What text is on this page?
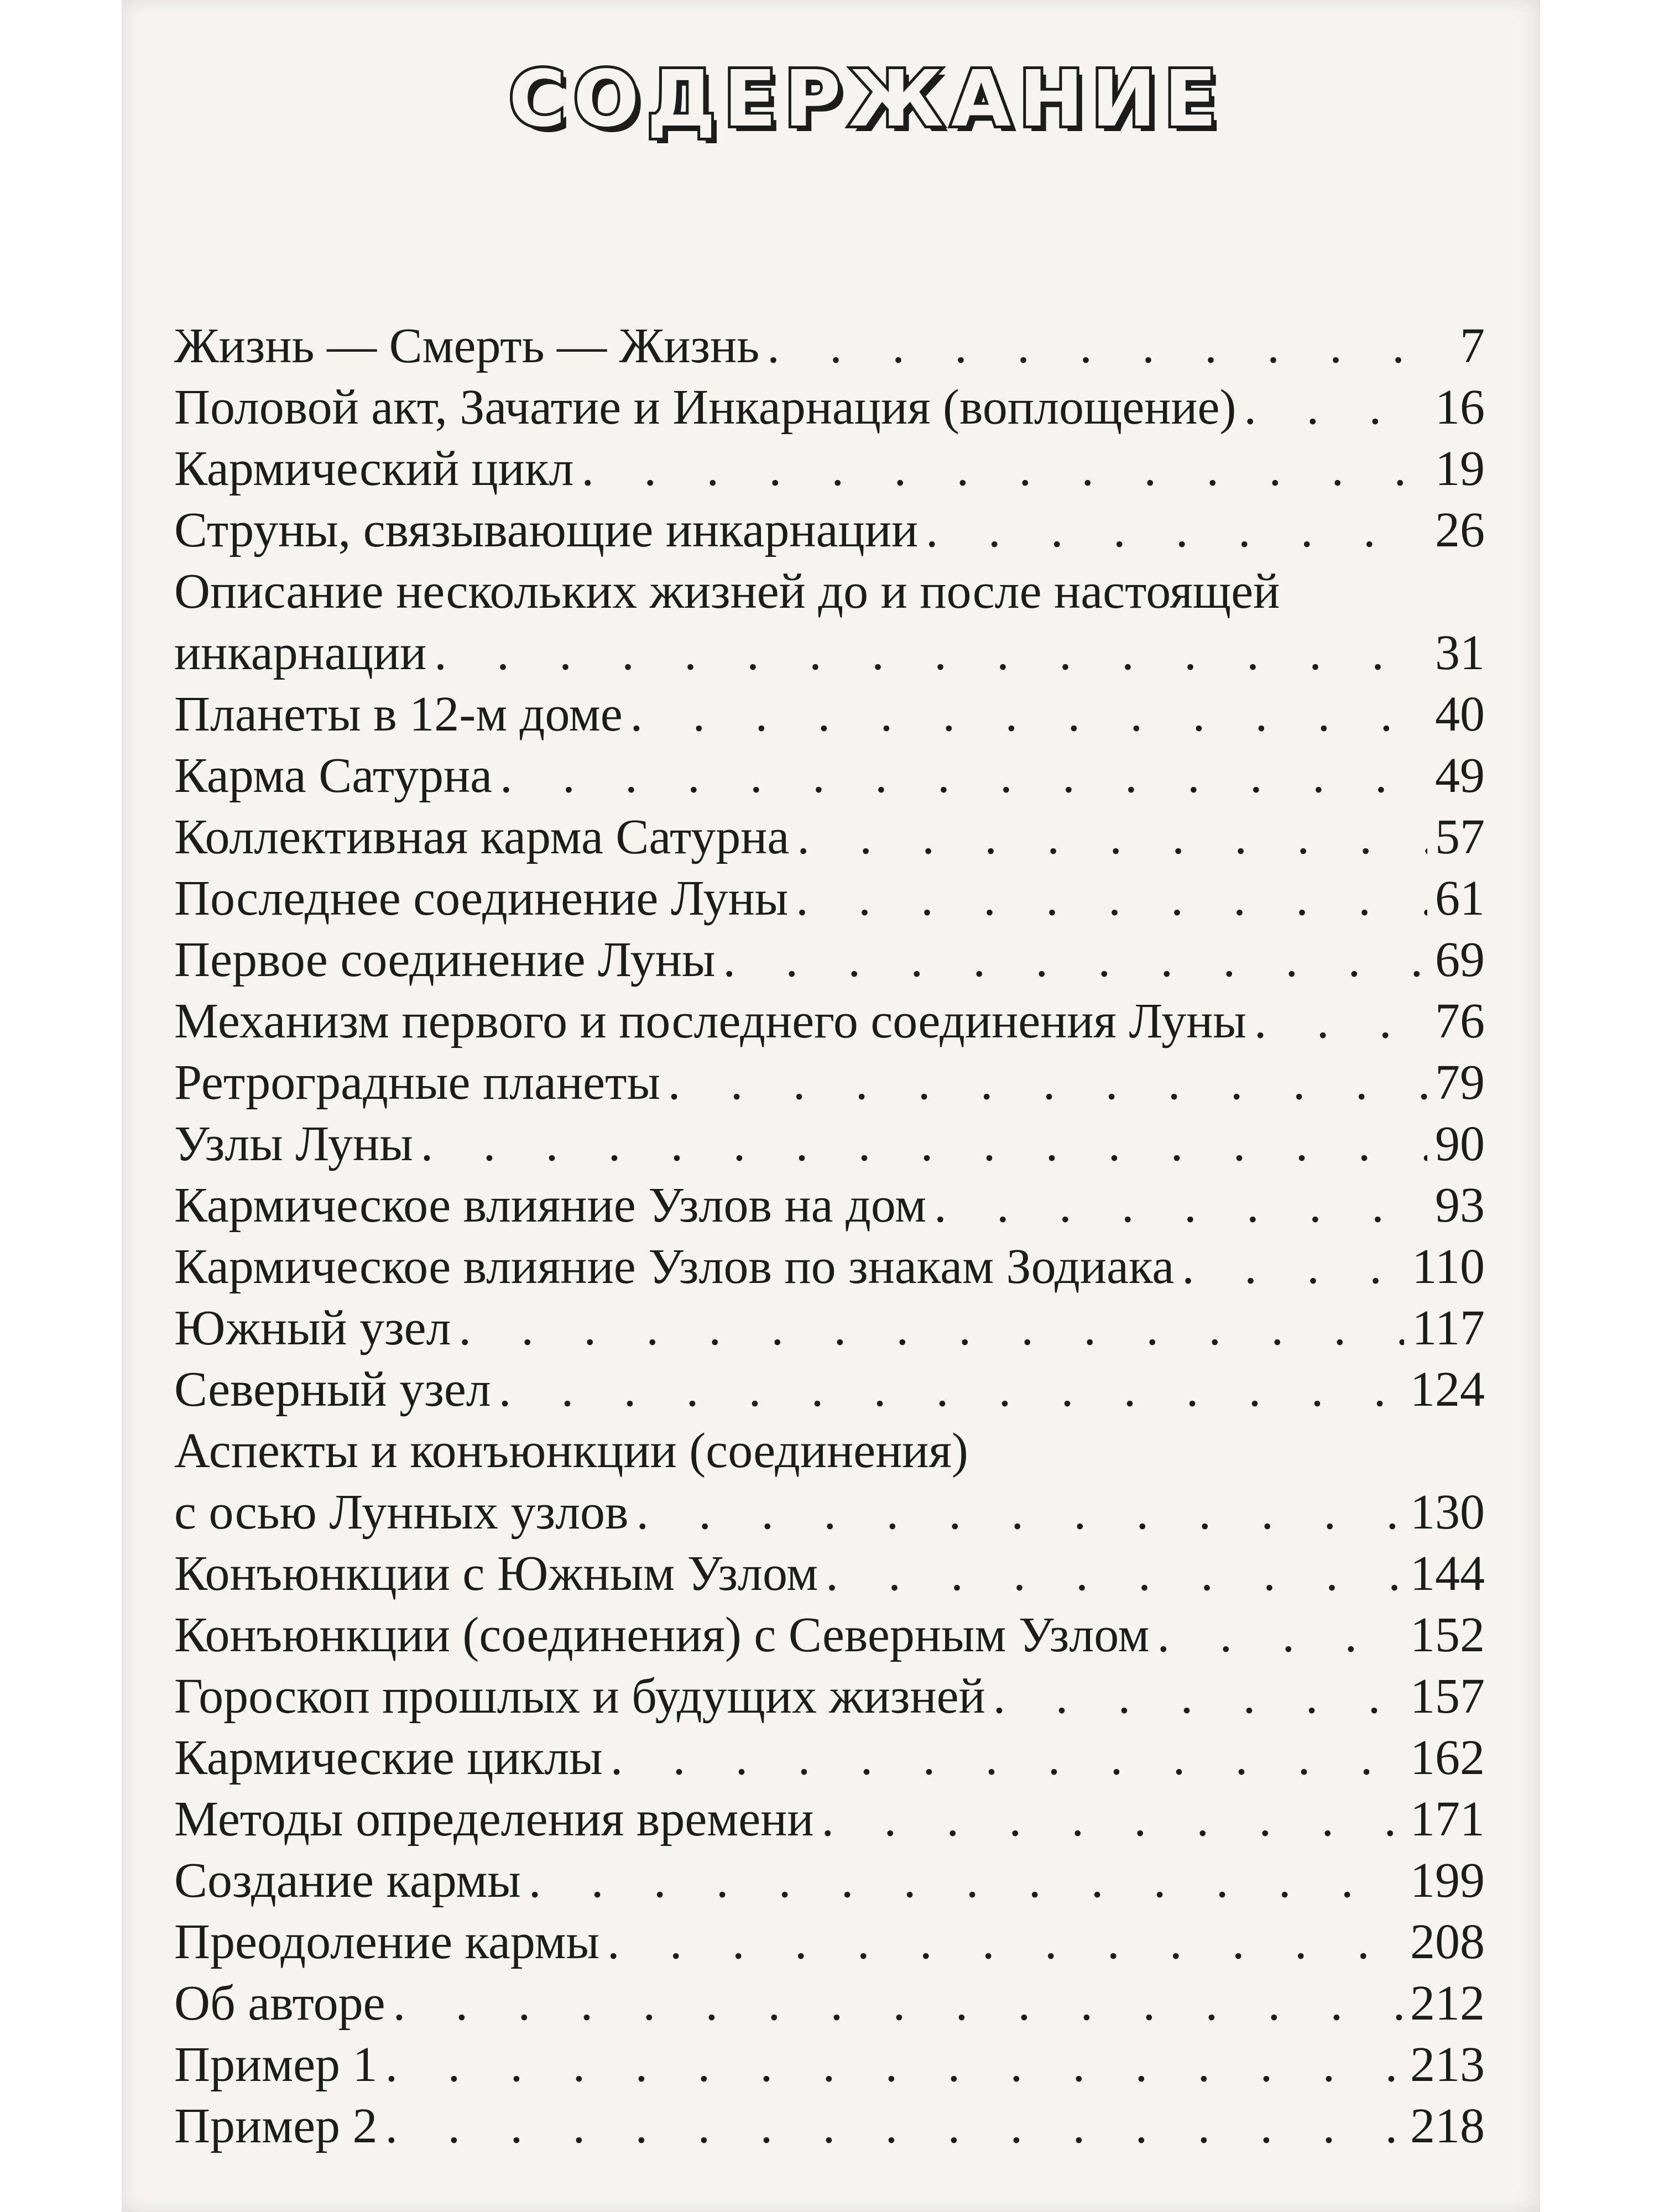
СОДЕРЖАНИЕ
Жизнь — Смерть — Жизнь . . .	7
Половой акт, Зачатие и Инкарнация (воплощение) . . .	16
Кармический цикл . . .	19
Струны, связывающие инкарнации . . .	26
Описание нескольких жизней до и после настоящей
инкарнации . . .	31
Планеты в 12-м доме . . .	40
Карма Сатурна . . .	49
Коллективная карма Сатурна . . .	57
Последнее соединение Луны . . .	61
Первое соединение Луны . . .	69
Механизм первого и последнего соединения Луны . . .	76
Ретроградные планеты . . .	79
Узлы Луны . . .	90
Кармическое влияние Узлов на дом . . .	93
Кармическое влияние Узлов по знакам Зодиака . . .	110
Южный узел . . .	117
Северный узел . . .	124
Аспекты и конъюнкции (соединения)
с осью Лунных узлов . . .	130
Конъюнкции с Южным Узлом . . .	144
Конъюнкции (соединения) с Северным Узлом . . .	152
Гороскоп прошлых и будущих жизней . . .	157
Кармические циклы . . .	162
Методы определения времени . . .	171
Создание кармы . . .	199
Преодоление кармы . . .	208
Об авторе . . .	212
Пример 1 . . .	213
Пример 2 . . .	218
